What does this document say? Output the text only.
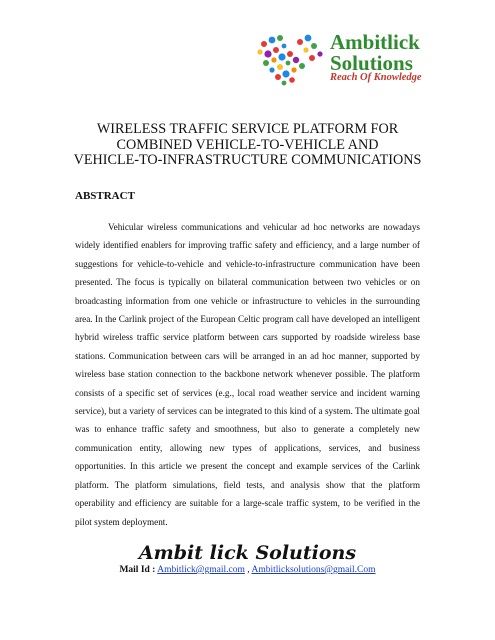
Ambitlick
Solutions
Reach Of Knowledge
WIRELESS TRAFFIC SERVICE PLATFORM FOR
COMBINED VEHICLE-TO-VEHICLE AND
VEHICLE-TO-INFRASTRUCTURE COMMUNICATIONS
ABSTRACT

Vehicular wireless communications and vehicular ad hoc networks are nowadays widely identified enablers for improving traffic safety and efficiency, and a large number of suggestions for vehicle-to-vehicle and vehicle-to-infrastructure communication have been presented. The focus is typically on bilateral communication between two vehicles or on broadcasting information from one vehicle or infrastructure to vehicles in the surrounding area. In the Carlink project of the European Celtic program call have developed an intelligent hybrid wireless traffic service platform between cars supported by roadside wireless base stations. Communication between cars will be arranged in an ad hoc manner, supported by wireless base station connection to the backbone network whenever possible. The platform consists of a specific set of services (e.g., local road weather service and incident warning service), but a variety of services can be integrated to this kind of a system. The ultimate goal was to enhance traffic safety and smoothness, but also to generate a completely new communication entity, allowing new types of applications, services, and business opportunities. In this article we present the concept and example services of the Carlink platform. The platform simulations, field tests, and analysis show that the platform operability and efficiency are suitable for a large-scale traffic system, to be verified in the pilot system deployment.

Ambit lick Solutions
Mail Id : Ambitlick@gmail.com , Ambitlicksolutions@gmail.Com
